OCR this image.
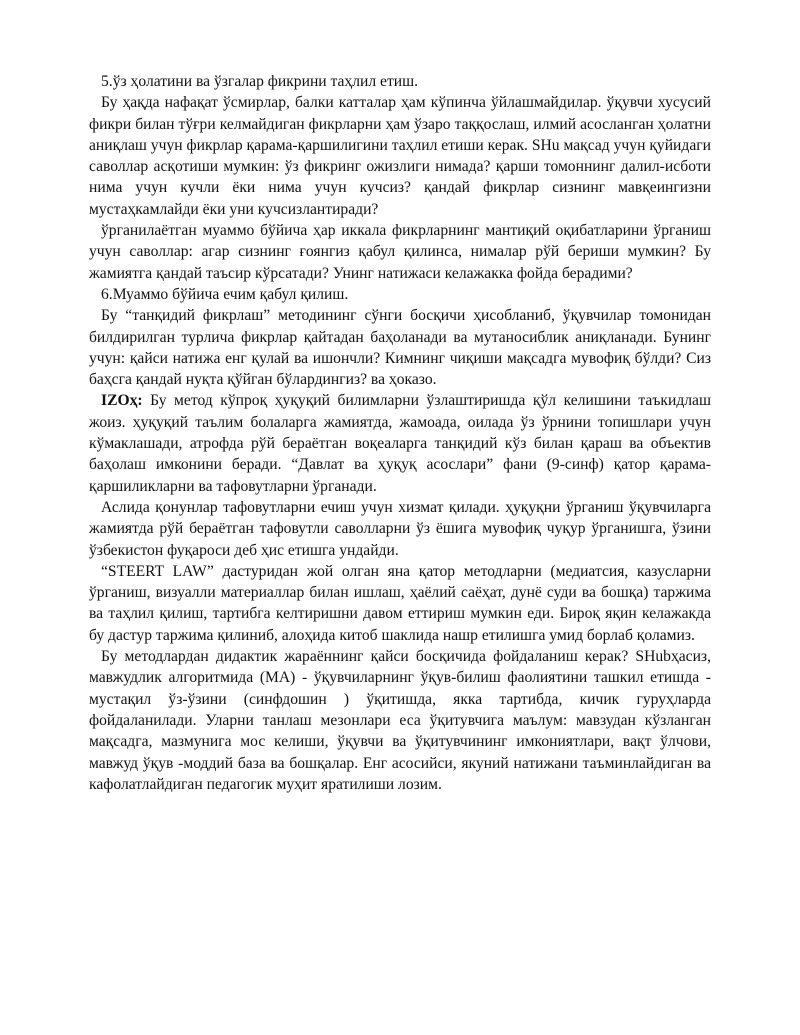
5.ўз ҳолатини ва ўзгалар фикрини таҳлил етиш.

Бу ҳақда нафақат ўсмирлар, балки катталар ҳам кўпинча ўйлашмайдилар. ўқувчи хусусий фикри билан тўғри келмайдиган фикрларни ҳам ўзаро таққослаш, илмий асосланган ҳолатни аниқлаш учун фикрлар қарама-қаршилигини таҳлил етиши керак. SHu мақсад учун қуйидаги саволлар асқотиши мумкин: ўз фикринг ожизлиги нимада? қарши томоннинг далил-исботи нима учун кучли ёки нима учун кучсиз? қандай фикрлар сизнинг мавқеингизни мустаҳкамлайди ёки уни кучсизлантиради?

ўрганилаётган муаммо бўйича ҳар иккала фикрларнинг мантиқий оқибатларини ўрганиш учун саволлар: агар сизнинг ғоянгиз қабул қилинса, нималар рўй бериши мумкин? Бу жамиятга қандай таъсир кўрсатади? Унинг натижаси келажакка фойда берадими?

6.Муаммо бўйича ечим қабул қилиш.

Бу “танқидий фикрлаш” методининг сўнги босқичи ҳисобланиб, ўқувчилар томонидан билдирилган турлича фикрлар қайтадан баҳоланади ва мутаносиблик аниқланади. Бунинг учун: қайси натижа енг қулай ва ишончли? Кимнинг чиқиши мақсадга мувофиқ бўлди? Сиз баҳсга қандай нуқта қўйган бўлардингиз? ва ҳоказо.

IZOҳ: Бу метод кўпроқ ҳуқуқий билимларни ўзлаштиришда қўл келишини таъкидлаш жоиз. ҳуқуқий таълим болаларга жамиятда, жамоада, оилада ўз ўрнини топишлари учун кўмаклашади, атрофда рўй бераётган воқеаларга танқидий кўз билан қараш ва объектив баҳолаш имконини беради. “Давлат ва ҳуқуқ асослари” фани (9-синф) қатор қарама-қаршиликларни ва тафовутларни ўрганади.

Аслида қонунлар тафовутларни ечиш учун хизмат қилади. ҳуқуқни ўрганиш ўқувчиларга жамиятда рўй бераётган тафовутли саволларни ўз ёшига мувофиқ чуқур ўрганишга, ўзини ўзбекистон фуқароси деб ҳис етишга ундайди.

“STEERT LAW” дастуридан жой олган яна қатор методларни (медиатсия, казусларни ўрганиш, визуалли материаллар билан ишлаш, ҳаёлий саёҳат, дунё суди ва бошқа) таржима ва таҳлил қилиш, тартибга келтиришни давом еттириш мумкин еди. Бироқ яқин келажакда бу дастур таржима қилиниб, алоҳида китоб шаклида нашр етилишга умид борлаб қоламиз.

Бу методлардан дидактик жараённинг қайси босқичида фойдаланиш керак? SHubҳасиз, мавжудлик алгоритмида (MA) - ўқувчиларнинг ўқув-билиш фаолиятини ташкил етишда - мустақил ўз-ўзини (синфдошин ) ўқитишда, якка тартибда, кичик гуруҳларда фойдаланилади. Уларни танлаш мезонлари еса ўқитувчига маълум: мавзудан кўзланган мақсадга, мазмунига мос келиши, ўқувчи ва ўқитувчининг имкониятлари, вақт ўлчови, мавжуд ўқув -моддий база ва бошқалар. Енг асосийси, якуний натижани таъминлайдиган ва кафолатлайдиган педагогик муҳит яратилиши лозим.
